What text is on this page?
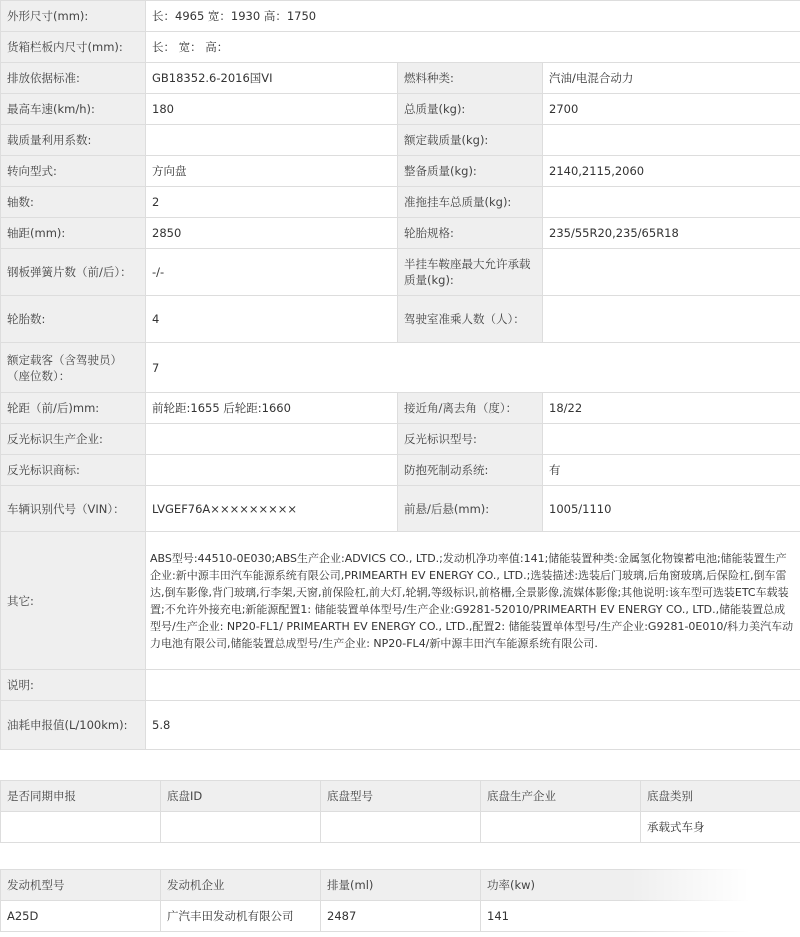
外形尺寸(mm):	长：4965 宽：1930 高：1750		
货箱栏板内尺寸(mm):	长： 宽： 高：		
排放依据标准:	GB18352.6-2016国VI	燃料种类:	汽油/电混合动力
最高车速(km/h):	180	总质量(kg):	2700
载质量利用系数:		额定载质量(kg):	
转向型式:	方向盘	整备质量(kg):	2140,2115,2060
轴数:	2	准拖挂车总质量(kg):	
轴距(mm):	2850	轮胎规格:	235/55R20,235/65R18
钢板弹簧片数（前/后）：	-/-	半挂车鞍座最大允许承载质量(kg):	
轮胎数:	4	驾驶室准乘人数（人）：	
额定载客（含驾驶员）（座位数）：	7		
轮距（前/后)mm:	前轮距:1655 后轮距:1660	接近角/离去角（度）：	18/22
反光标识生产企业:		反光标识型号:	
反光标识商标:		防抱死制动系统:	有
车辆识别代号（VIN）：	LVGEF76A×××××××××	前悬/后悬(mm):	1005/1110
其它:	ABS型号:44510-0E030;ABS生产企业:ADVICS CO., LTD.;发动机净功率值:141;储能装置种类:金属氢化物镍蓄电池;储能装置生产企业:新中源丰田汽车能源系统有限公司,PRIMEARTH EV ENERGY CO., LTD.;选装描述:选装后门玻璃,后角窗玻璃,后保险杠,倒车雷达,倒车影像,背门玻璃,行李架,天窗,前保险杠,前大灯,轮辋,等级标识,前格栅,全景影像,流媒体影像;其他说明:该车型可选装ETC车载装置;不允许外接充电;新能源配置1: 储能装置单体型号/生产企业:G9281-52010/PRIMEARTH EV ENERGY CO., LTD.,储能装置总成型号/生产企业: NP20-FL1/ PRIMEARTH EV ENERGY CO., LTD.,配置2: 储能装置单体型号/生产企业:G9281-0E010/科力美汽车动力电池有限公司,储能装置总成型号/生产企业: NP20-FL4/新中源丰田汽车能源系统有限公司.		
说明:			
油耗申报值(L/100km):	5.8		
是否同期申报	底盘ID	底盘型号	底盘生产企业	底盘类别
				承载式车身
发动机型号	发动机企业	排量(ml)	功率(kw)
A25D	广汽丰田发动机有限公司	2487	141
